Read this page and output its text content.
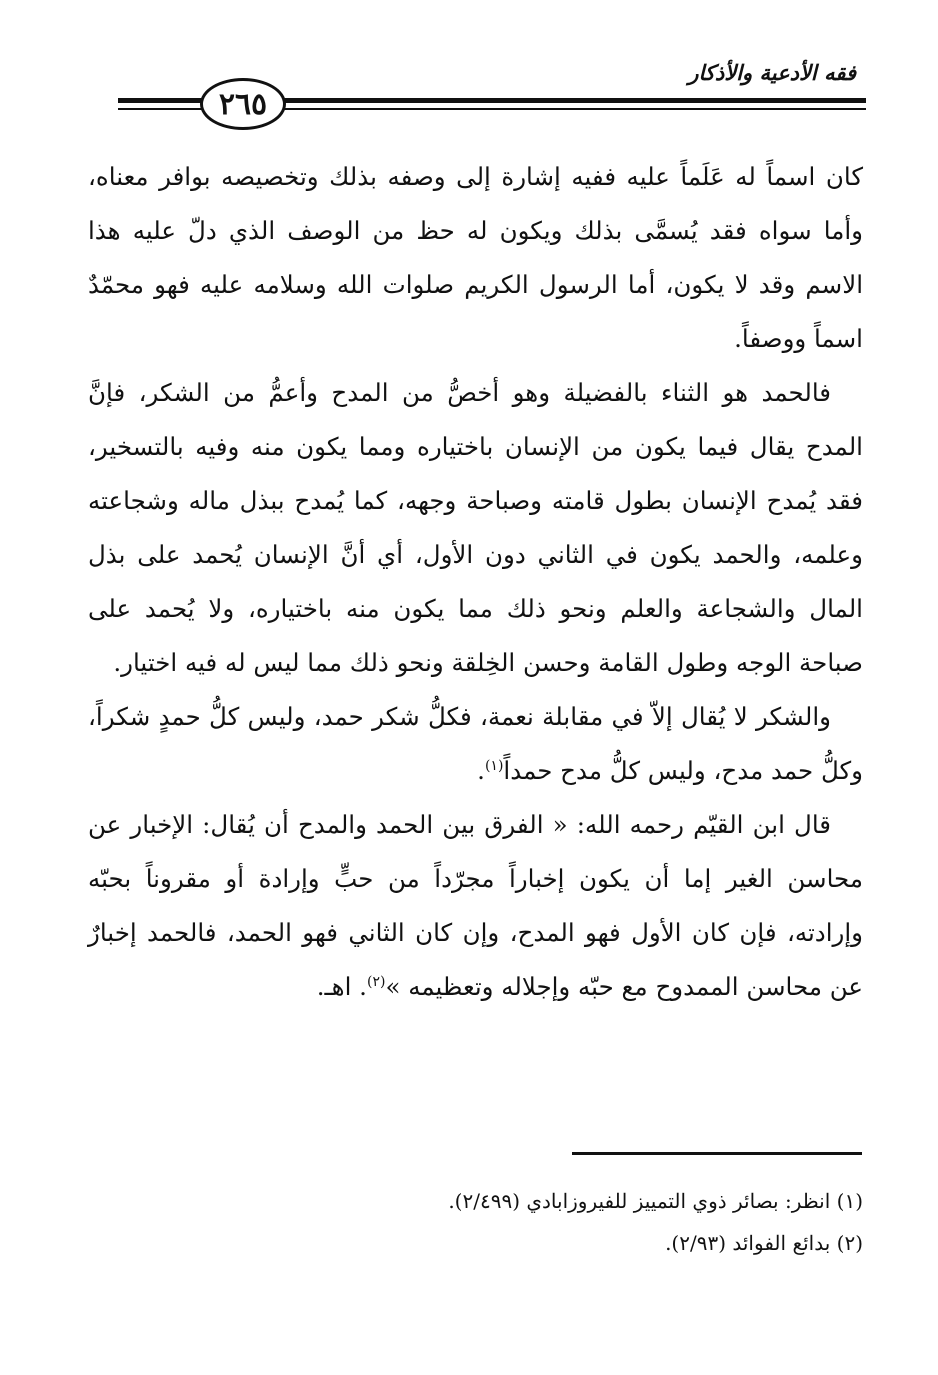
فقه الأدعية والأذكار
٢٦٥

كان اسماً له عَلَماً عليه ففيه إشارة إلى وصفه بذلك وتخصيصه بوافر معناه، وأما سواه فقد يُسمَّى بذلك ويكون له حظ من الوصف الذي دلّ عليه هذا الاسم وقد لا يكون، أما الرسول الكريم صلوات الله وسلامه عليه فهو محمّدٌ اسماً ووصفاً.

فالحمد هو الثناء بالفضيلة وهو أخصُّ من المدح وأعمُّ من الشكر، فإنَّ المدح يقال فيما يكون من الإنسان باختياره ومما يكون منه وفيه بالتسخير، فقد يُمدح الإنسان بطول قامته وصباحة وجهه، كما يُمدح ببذل ماله وشجاعته وعلمه، والحمد يكون في الثاني دون الأول، أي أنَّ الإنسان يُحمد على بذل المال والشجاعة والعلم ونحو ذلك مما يكون منه باختياره، ولا يُحمد على صباحة الوجه وطول القامة وحسن الخِلقة ونحو ذلك مما ليس له فيه اختيار.

والشكر لا يُقال إلاّ في مقابلة نعمة، فكلُّ شكر حمد، وليس كلُّ حمدٍ شكراً، وكلُّ حمد مدح، وليس كلُّ مدح حمداً$^{(١)}$.

قال ابن القيّم رحمه الله: « الفرق بين الحمد والمدح أن يُقال: الإخبار عن محاسن الغير إما أن يكون إخباراً مجرّداً من حبٍّ وإرادة أو مقروناً بحبّه وإرادته، فإن كان الأول فهو المدح، وإن كان الثاني فهو الحمد، فالحمد إخبارٌ عن محاسن الممدوح مع حبّه وإجلاله وتعظيمه »$^{(٢)}$. اهـ.

(١) انظر: بصائر ذوي التمييز للفيروزابادي (٢/٤٩٩).
(٢) بدائع الفوائد (٢/٩٣).
